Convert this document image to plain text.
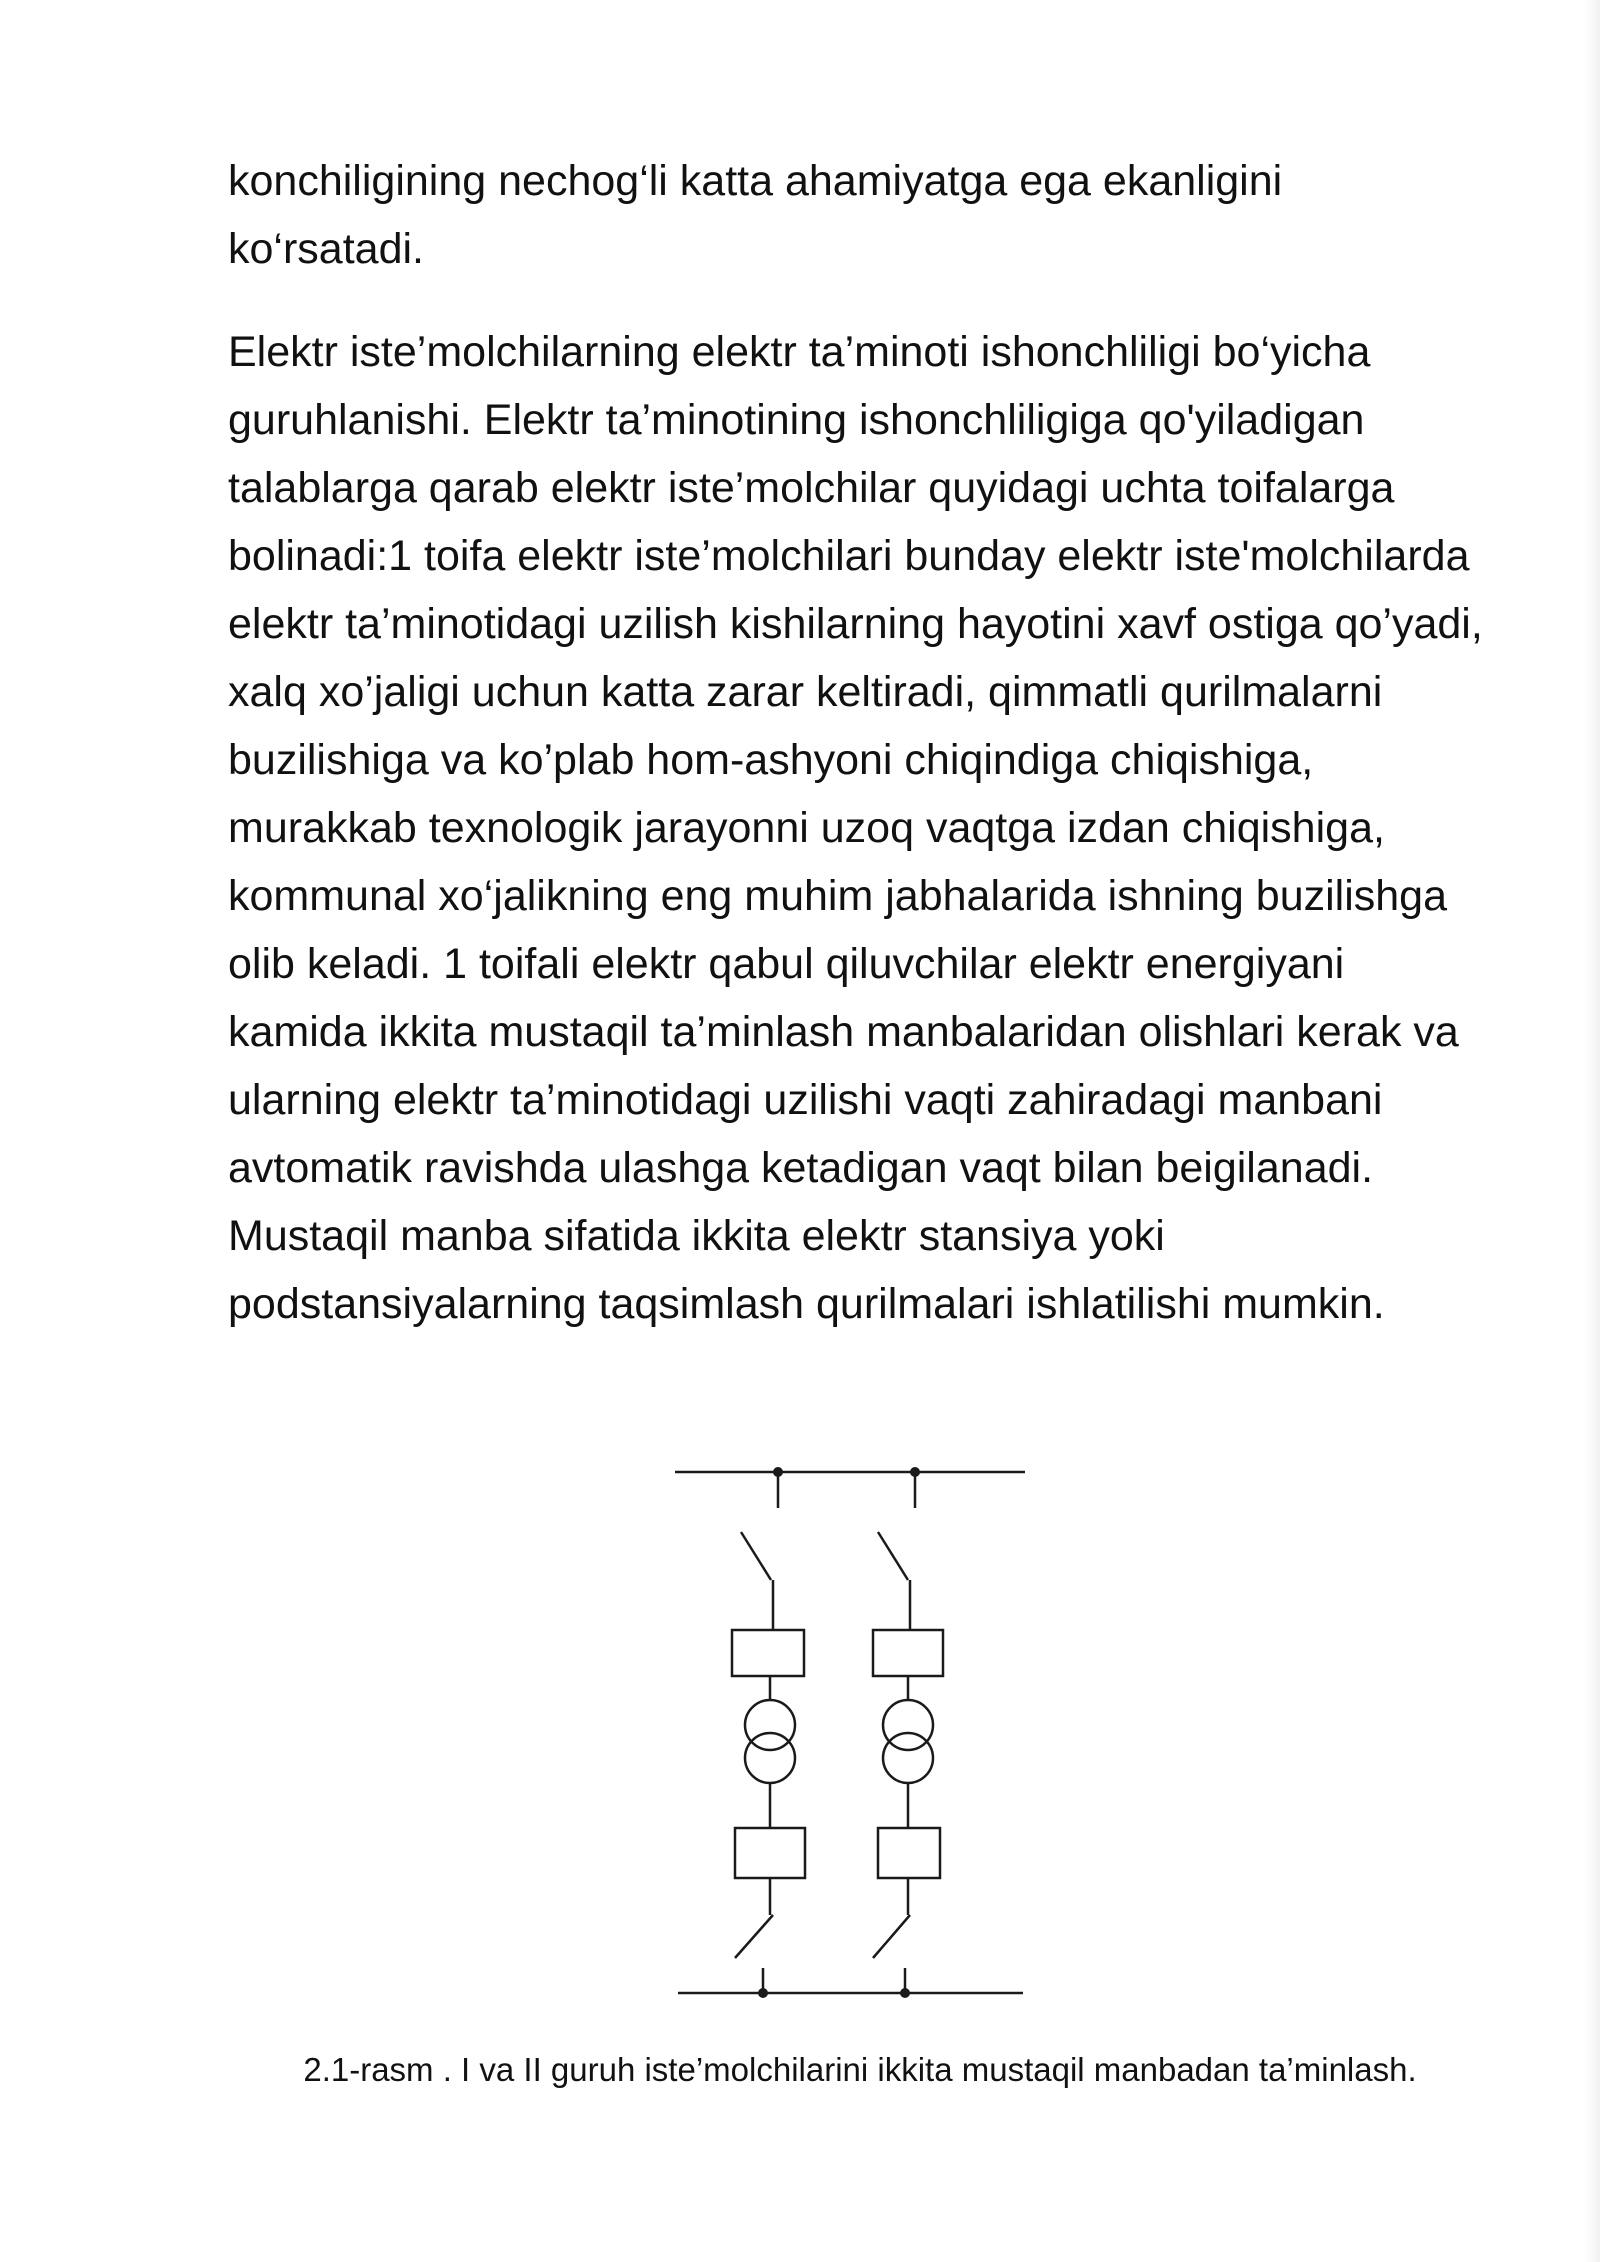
konchiligining nechog‘li katta ahamiyatga ega ekanligini ko‘rsatadi.

Elektr iste’molchilarning elektr ta’minoti ishonchliligi bo‘yicha guruhlanishi. Elektr ta’minotining ishonchliligiga qo'yiladigan talablarga qarab elektr iste’molchilar quyidagi uchta toifalarga bolinadi:1 toifa elektr iste’molchilari bunday elektr iste'molchilarda elektr ta’minotidagi uzilish kishilarning hayotini xavf ostiga qo’yadi, xalq xo’jaligi uchun katta zarar keltiradi, qimmatli qurilmalarni buzilishiga va ko’plab hom-ashyoni chiqindiga chiqishiga, murakkab texnologik jarayonni uzoq vaqtga izdan chiqishiga, kommunal xo‘jalikning eng muhim jabhalarida ishning buzilishga olib keladi. 1 toifali elektr qabul qiluvchilar elektr energiyani kamida ikkita mustaqil ta’minlash manbalaridan olishlari kerak va ularning elektr ta’minotidagi uzilishi vaqti zahiradagi manbani avtomatik ravishda ulashga ketadigan vaqt bilan beigilanadi. Mustaqil manba sifatida ikkita elektr stansiya yoki podstansiyalarning taqsimlash qurilmalari ishlatilishi mumkin.

2.1-rasm . I va II guruh iste’molchilarini ikkita mustaqil manbadan ta’minlash.
